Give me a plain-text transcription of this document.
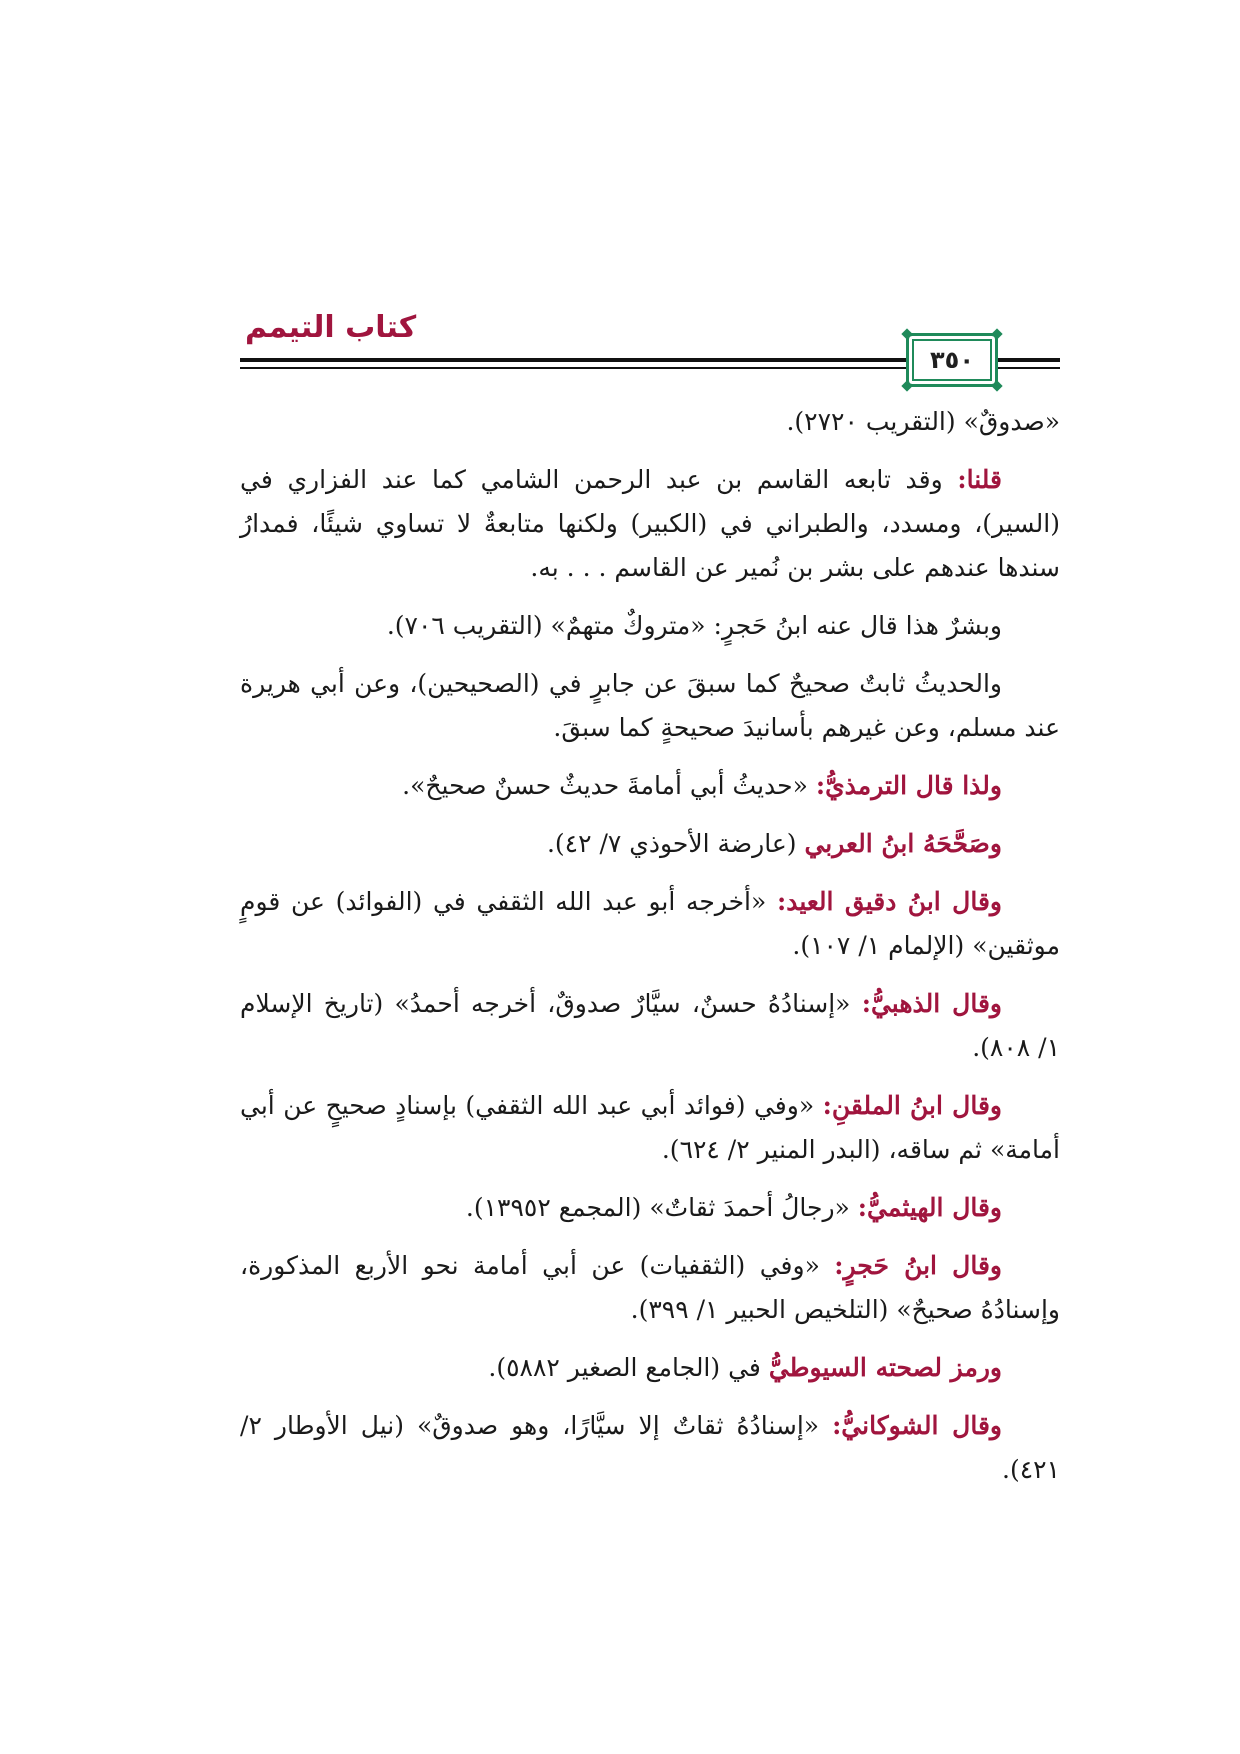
كتاب التيمم
٣٥٠

«صدوقٌ» (التقريب ٢٧٢٠).

قلنا: وقد تابعه القاسم بن عبد الرحمن الشامي كما عند الفزاري في (السير)، ومسدد، والطبراني في (الكبير) ولكنها متابعةٌ لا تساوي شيئًا، فمدارُ سندها عندهم على بشر بن نُمير عن القاسم . . . به.

وبشرٌ هذا قال عنه ابنُ حَجرٍ: «متروكٌ متهمٌ» (التقريب ٧٠٦).

والحديثُ ثابتٌ صحيحٌ كما سبقَ عن جابرٍ في (الصحيحين)، وعن أبي هريرة عند مسلم، وعن غيرهم بأسانيدَ صحيحةٍ كما سبقَ.

ولذا قال الترمذيُّ: «حديثُ أبي أمامةَ حديثٌ حسنٌ صحيحٌ».

وصَحَّحَهُ ابنُ العربي (عارضة الأحوذي ٧/ ٤٢).

وقال ابنُ دقيق العيد: «أخرجه أبو عبد الله الثقفي في (الفوائد) عن قومٍ موثقين» (الإلمام ١/ ١٠٧).

وقال الذهبيُّ: «إسنادُهُ حسنٌ، سيَّارٌ صدوقٌ، أخرجه أحمدُ» (تاريخ الإسلام ١/ ٨٠٨).

وقال ابنُ الملقنِ: «وفي (فوائد أبي عبد الله الثقفي) بإسنادٍ صحيحٍ عن أبي أمامة» ثم ساقه، (البدر المنير ٢/ ٦٢٤).

وقال الهيثميُّ: «رجالُ أحمدَ ثقاتٌ» (المجمع ١٣٩٥٢).

وقال ابنُ حَجرٍ: «وفي (الثقفيات) عن أبي أمامة نحو الأربع المذكورة، وإسنادُهُ صحيحٌ» (التلخيص الحبير ١/ ٣٩٩).

ورمز لصحته السيوطيُّ في (الجامع الصغير ٥٨٨٢).

وقال الشوكانيُّ: «إسنادُهُ ثقاتٌ إلا سيَّارًا، وهو صدوقٌ» (نيل الأوطار ٢/ ٤٢١).
